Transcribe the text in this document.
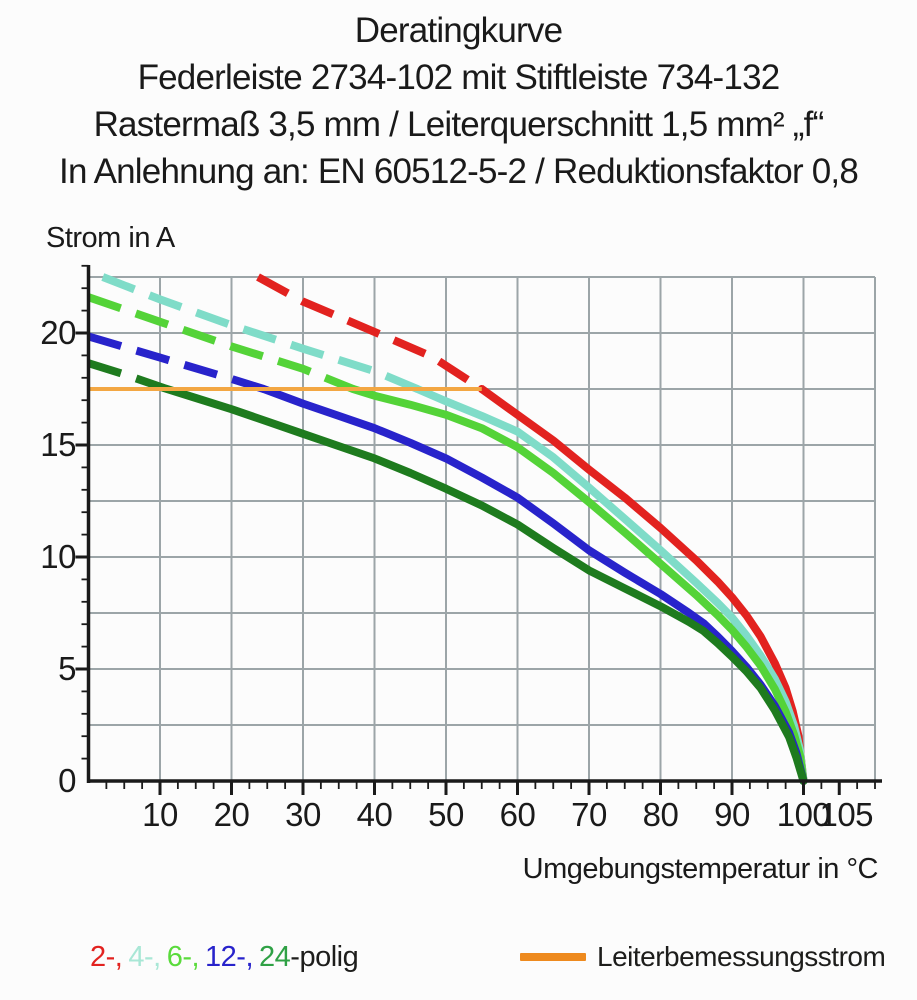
Deratingkurve
Federleiste 2734-102 mit Stiftleiste 734-132
Rastermaß 3,5 mm / Leiterquerschnitt 1,5 mm² „f“
In Anlehnung an: EN 60512-5-2 / Reduktionsfaktor 0,8
Strom in A
10 20 30 40 50 60 70 80 90 100
105
0
5
10
15
20
Umgebungstemperatur in °C
2-, 4-, 6-, 12-, 24-polig	Leiterbemessungsstrom
